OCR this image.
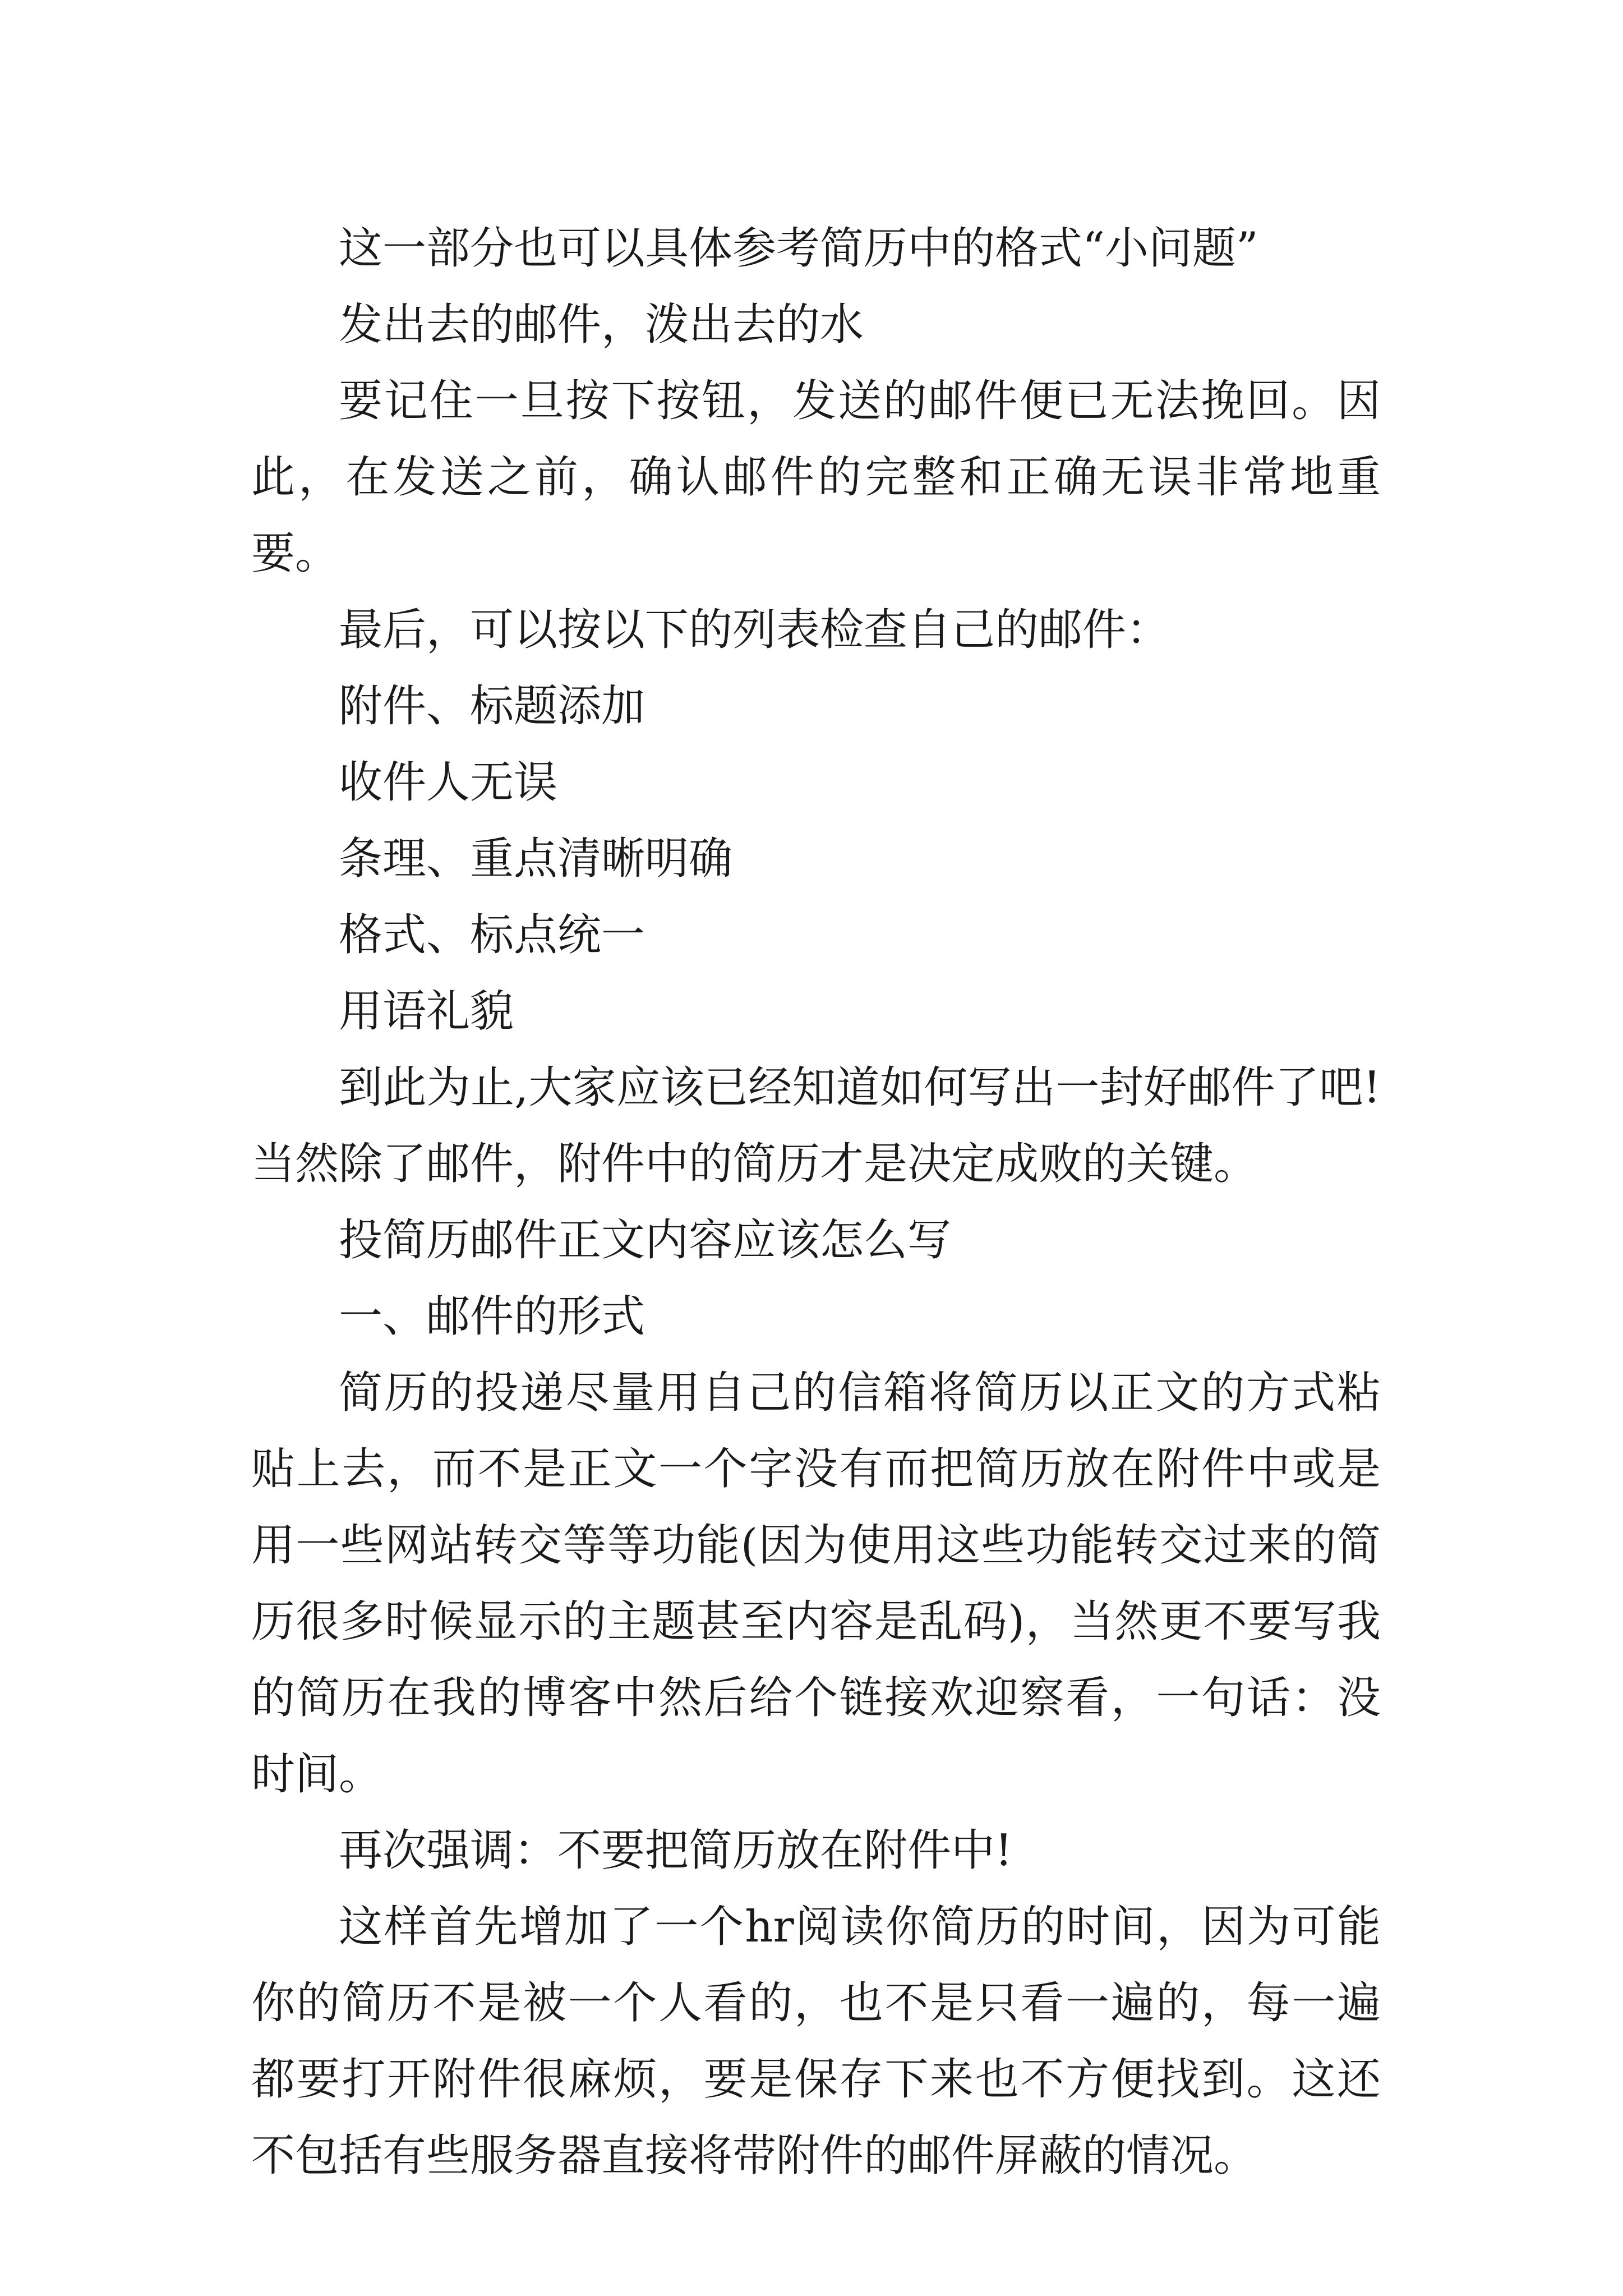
这一部分也可以具体参考简历中的格式“小问题”

发出去的邮件，泼出去的水

要记住一旦按下按钮，发送的邮件便已无法挽回。因此，在发送之前，确认邮件的完整和正确无误非常地重要。

最后，可以按以下的列表检查自己的邮件：

附件、标题添加

收件人无误

条理、重点清晰明确

格式、标点统一

用语礼貌

到此为止,大家应该已经知道如何写出一封好邮件了吧!当然除了邮件，附件中的简历才是决定成败的关键。

投简历邮件正文内容应该怎么写

一、邮件的形式

简历的投递尽量用自己的信箱将简历以正文的方式粘贴上去，而不是正文一个字没有而把简历放在附件中或是用一些网站转交等等功能(因为使用这些功能转交过来的简历很多时候显示的主题甚至内容是乱码)，当然更不要写我的简历在我的博客中然后给个链接欢迎察看，一句话：没时间。

再次强调：不要把简历放在附件中!

这样首先增加了一个hr阅读你简历的时间，因为可能你的简历不是被一个人看的，也不是只看一遍的，每一遍都要打开附件很麻烦，要是保存下来也不方便找到。这还不包括有些服务器直接将带附件的邮件屏蔽的情况。
